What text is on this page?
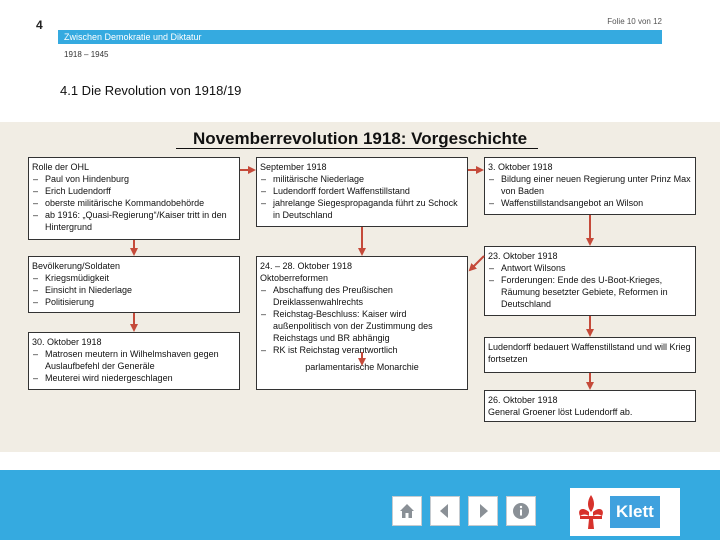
4	Folie 10 von 12
Zwischen Demokratie und Diktatur
1918 – 1945
4.1 Die Revolution von 1918/19
Novemberrevolution 1918: Vorgeschichte
Rolle der OHL
– Paul von Hindenburg
– Erich Ludendorff
– oberste militärische Kommandobehörde
– ab 1916: „Quasi-Regierung“/Kaiser tritt in den Hintergrund
Bevölkerung/Soldaten
– Kriegsmüdigkeit
– Einsicht in Niederlage
– Politisierung
30. Oktober 1918
– Matrosen meutern in Wilhelmshaven gegen Auslaufbefehl der Generäle
– Meuterei wird niedergeschlagen
September 1918
– militärische Niederlage
– Ludendorff fordert Waffenstillstand
– jahrelange Siegespropaganda führt zu Schock in Deutschland
24. – 28. Oktober 1918
Oktoberreformen
– Abschaffung des Preußischen Dreiklassenwahlrechts
– Reichstag-Beschluss: Kaiser wird außenpolitisch von der Zustimmung des Reichstags und BR abhängig
– RK ist Reichstag verantwortlich
parlamentarische Monarchie
3. Oktober 1918
– Bildung einer neuen Regierung unter Prinz Max von Baden
– Waffenstillstandsangebot an Wilson
23. Oktober 1918
– Antwort Wilsons
– Forderungen: Ende des U-Boot-Krieges, Räumung besetzter Gebiete, Reformen in Deutschland
Ludendorff bedauert Waffenstillstand und will Krieg fortsetzen
26. Oktober 1918
General Groener löst Ludendorff ab.
Klett
